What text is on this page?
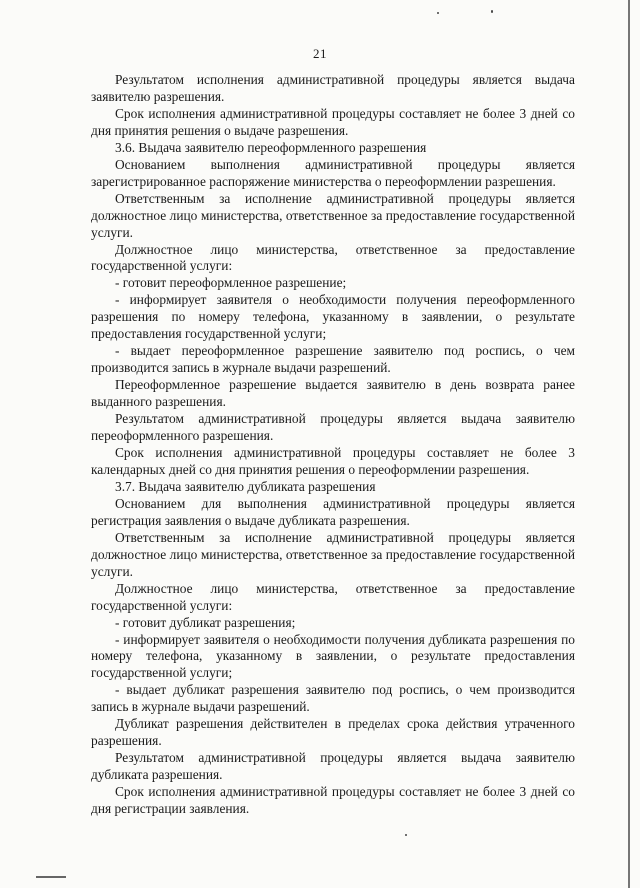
21

Результатом исполнения административной процедуры является выдача заявителю разрешения.

Срок исполнения административной процедуры составляет не более 3 дней со дня принятия решения о выдаче разрешения.

3.6. Выдача заявителю переоформленного разрешения

Основанием выполнения административной процедуры является зарегистрированное распоряжение министерства о переоформлении разрешения.

Ответственным за исполнение административной процедуры является должностное лицо министерства, ответственное за предоставление государственной услуги.

Должностное лицо министерства, ответственное за предоставление государственной услуги:

- готовит переоформленное разрешение;

- информирует заявителя о необходимости получения переоформленного разрешения по номеру телефона, указанному в заявлении, о результате предоставления государственной услуги;

- выдает переоформленное разрешение заявителю под роспись, о чем производится запись в журнале выдачи разрешений.

Переоформленное разрешение выдается заявителю в день возврата ранее выданного разрешения.

Результатом административной процедуры является выдача заявителю переоформленного разрешения.

Срок исполнения административной процедуры составляет не более 3 календарных дней со дня принятия решения о переоформлении разрешения.

3.7. Выдача заявителю дубликата разрешения

Основанием для выполнения административной процедуры является регистрация заявления о выдаче дубликата разрешения.

Ответственным за исполнение административной процедуры является должностное лицо министерства, ответственное за предоставление государственной услуги.

Должностное лицо министерства, ответственное за предоставление государственной услуги:

- готовит дубликат разрешения;

- информирует заявителя о необходимости получения дубликата разрешения по номеру телефона, указанному в заявлении, о результате предоставления государственной услуги;

- выдает дубликат разрешения заявителю под роспись, о чем производится запись в журнале выдачи разрешений.

Дубликат разрешения действителен в пределах срока действия утраченного разрешения.

Результатом административной процедуры является выдача заявителю дубликата разрешения.

Срок исполнения административной процедуры составляет не более 3 дней со дня регистрации заявления.
